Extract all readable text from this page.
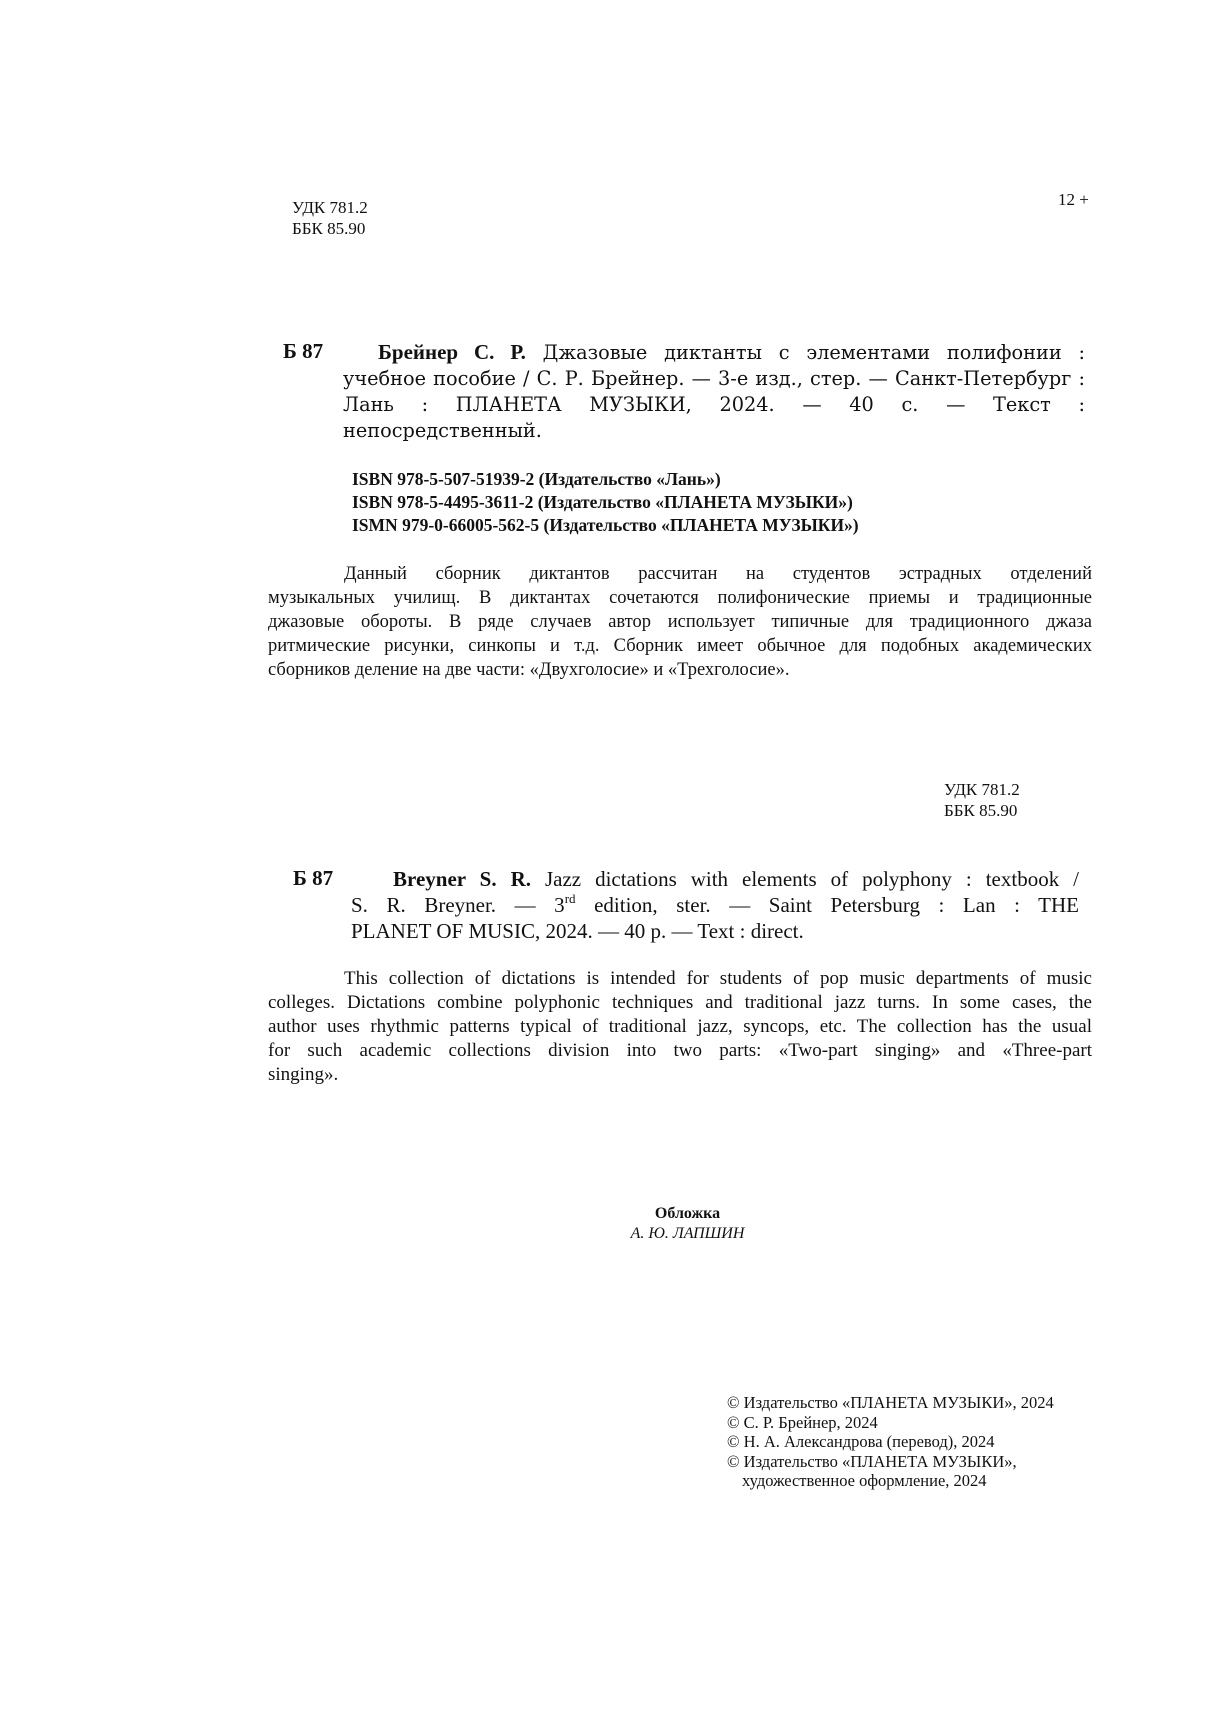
УДК 781.2
ББК 85.90
12 +
Б 87	Брейнер С. Р. Джазовые диктанты с элементами полифонии :
учебное пособие / С. Р. Брейнер. — 3-е изд., стер. — Санкт-Петербург :
Лань : ПЛАНЕТА МУЗЫКИ, 2024. — 40 с. — Текст :
непосредственный.
ISBN 978-5-507-51939-2 (Издательство «Лань»)
ISBN 978-5-4495-3611-2 (Издательство «ПЛАНЕТА МУЗЫКИ»)
ISMN 979-0-66005-562-5 (Издательство «ПЛАНЕТА МУЗЫКИ»)
Данный сборник диктантов рассчитан на студентов эстрадных отделений
музыкальных училищ. В диктантах сочетаются полифонические приемы и традиционные
джазовые обороты. В ряде случаев автор использует типичные для традиционного джаза
ритмические рисунки, синкопы и т.д. Сборник имеет обычное для подобных академических
сборников деление на две части: «Двухголосие» и «Трехголосие».
УДК 781.2
ББК 85.90
Б 87	Breyner S. R. Jazz dictations with elements of polyphony : textbook /
S. R. Breyner. — 3rd edition, ster. — Saint Petersburg : Lan : THE
PLANET OF MUSIC, 2024. — 40 p. — Text : direct.
This collection of dictations is intended for students of pop music departments of music
colleges. Dictations combine polyphonic techniques and traditional jazz turns. In some cases, the
author uses rhythmic patterns typical of traditional jazz, syncops, etc. The collection has the usual
for such academic collections division into two parts: «Two-part singing» and «Three-part
singing».
Обложка
А. Ю. ЛАПШИН
© Издательство «ПЛАНЕТА МУЗЫКИ», 2024
© С. Р. Брейнер, 2024
© Н. А. Александрова (перевод), 2024
© Издательство «ПЛАНЕТА МУЗЫКИ»,
художественное оформление, 2024
